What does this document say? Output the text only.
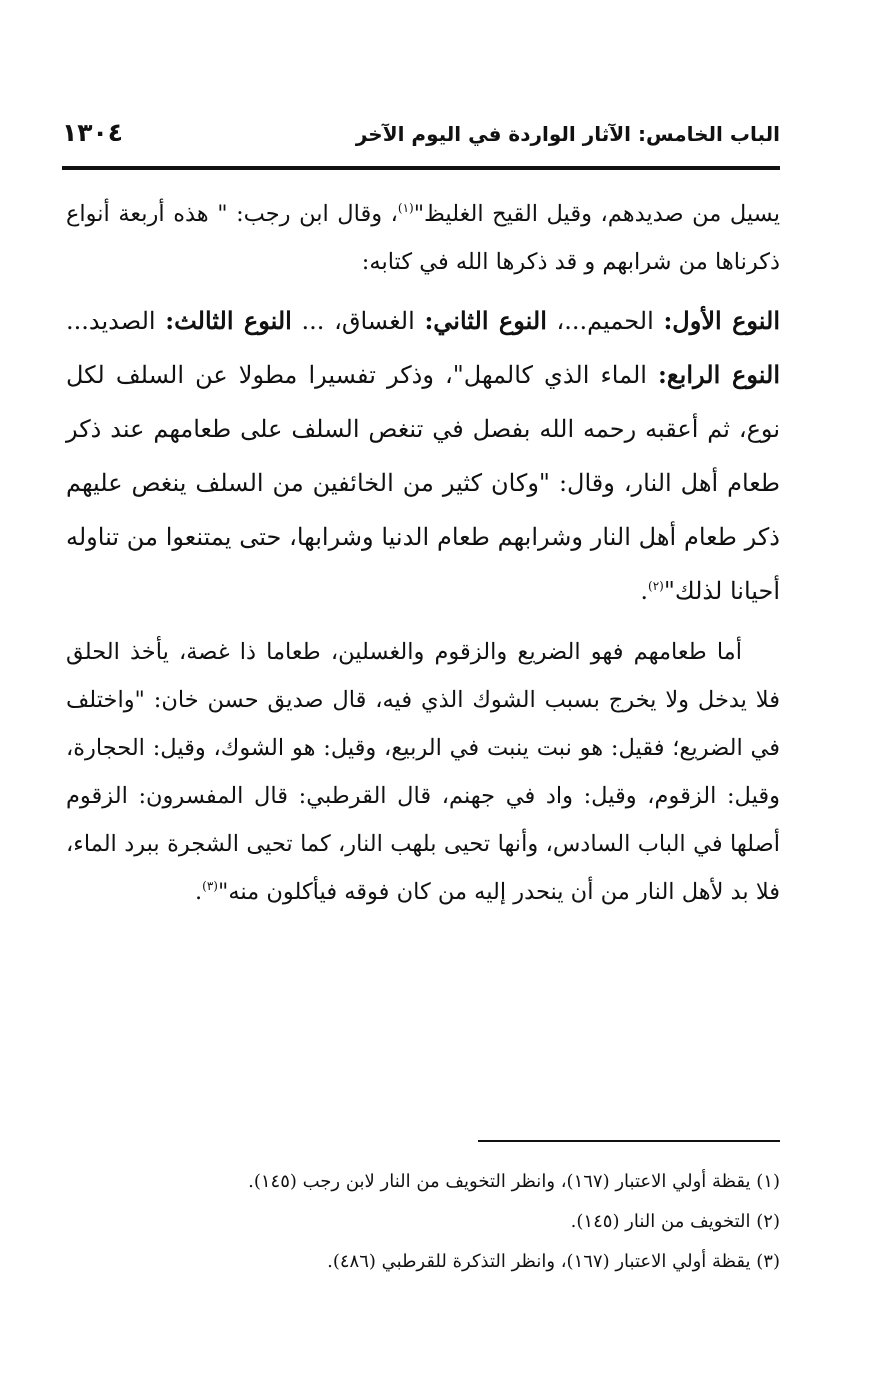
١٣٠٤	الباب الخامس: الآثار الواردة في اليوم الآخر

يسيل من صديدهم، وقيل القيح الغليظ"$^{(١)}$، وقال ابن رجب: " هذه أربعة أنواع ذكرناها من شرابهم و قد ذكرها الله في كتابه:

النوع الأول: الحميم...، النوع الثاني: الغساق، ... النوع الثالث: الصديد... النوع الرابع: الماء الذي كالمهل"، وذكر تفسيرا مطولا عن السلف لكل نوع، ثم أعقبه رحمه الله بفصل في تنغص السلف على طعامهم عند ذكر طعام أهل النار، وقال: "وكان كثير من الخائفين من السلف ينغص عليهم ذكر طعام أهل النار وشرابهم طعام الدنيا وشرابها، حتى يمتنعوا من تناوله أحيانا لذلك"$^{(٢)}$.

أما طعامهم فهو الضريع والزقوم والغسلين، طعاما ذا غصة، يأخذ الحلق فلا يدخل ولا يخرج بسبب الشوك الذي فيه، قال صديق حسن خان: "واختلف في الضريع؛ فقيل: هو نبت ينبت في الربيع، وقيل: هو الشوك، وقيل: الحجارة، وقيل: الزقوم، وقيل: واد في جهنم، قال القرطبي: قال المفسرون: الزقوم أصلها في الباب السادس، وأنها تحيى بلهب النار، كما تحيى الشجرة ببرد الماء، فلا بد لأهل النار من أن ينحدر إليه من كان فوقه فيأكلون منه"$^{(٣)}$.

(١) يقظة أولي الاعتبار (١٦٧)، وانظر التخويف من النار لابن رجب (١٤٥).

(٢) التخويف من النار (١٤٥).

(٣) يقظة أولي الاعتبار (١٦٧)، وانظر التذكرة للقرطبي (٤٨٦).
